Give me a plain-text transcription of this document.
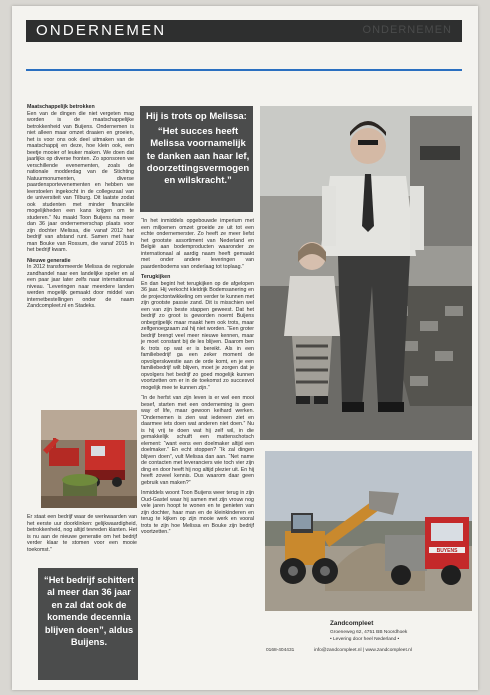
ONDERNEMEN	ONDERNEMEN
Maatschappelijk betrokken

Een van de dingen die niet vergeten mag worden is de maatschappelijke betrokkenheid van Buijens. Ondernemen is niet alleen maar omzet draaien en groeien, het is voor ons ook deel uitmaken van de maatschappij en deze, hoe klein ook, een beetje mooier of leuker maken. We doen dat jaarlijks op diverse fronten. Zo sponsoren we verschillende evenementen, zoals de nationale modderdag van de Stichting Natuurmonumenten, diverse paardensportevenementen en hebben we leerstoelen ingekocht in de collegezaal van de universiteit van Tilburg. Dit laatste zodat ook studenten met minder financiële mogelijkheden een kans krijgen om te studeren.” Nu maakt Toon Buijens na meer dan 36 jaar ondernemerschap plaats voor zijn dochter Melissa, die vanaf 2012 het bedrijf van afstand runt. Samen met haar man Bouke van Rossum, die vanaf 2015 in het bedrijf kwam.

Nieuwe generatie

In 2012 transformeerde Melissa de regionale zandhandel naar een landelijke speler en al een paar jaar later zelfs naar internationaal niveau. “Leveringen naar meerdere landen werden mogelijk gemaakt door middel van internetbestellingen onder de naam Zandcompleet.nl en Stadeks.

Er staat een bedrijf waar de werkwaarden van het eerste uur doorklinken: gelijkwaardigheid, betrokkenheid, nog altijd tevreden klanten. Het is nu aan de nieuwe generatie om het bedrijf verder klaar te stomen voor een mooie toekomst.”

“Het bedrijf schittert al meer dan 36 jaar en zal dat ook de komende decennia blijven doen”, aldus Buijens.
Hij is trots op Melissa:
“Het succes heeft Melissa voornamelijk te danken aan haar lef, doorzettingsvermogen en wilskracht.”

“In het inmiddels opgebouwde imperium met een miljoenen omzet groeide ze uit tot een echte ondernemerster. Zo heeft ze meer liefst het grootste assortiment van Nederland en België aan bodemproducten waaronder ze internationaal al aardig naam heeft gemaakt met onder andere leveringen van paardenbodems van onderlaag tot toplaag.”

Terugkijken

En dan begint het terugkijken op de afgelopen 36 jaar. Hij verkocht kleidrijk Bodemsanering en de projectontwikkeling om verder te kunnen met zijn grootste passie zand. Dit is misschien wel een van zijn beste stappen geweest. Dat het bedrijf zo groot is geworden noemt Buijens onbegrijpelijk maar maakt hem ook trots, maar zelfgenoegzaam zal hij niet worden. “Een groter bedrijf brengt veel meer nieuwe kennen, maar je moet constant bij de les blijven. Daarom ben ik trots op wat er is bereikt. Als in een familiebedrijf ga een zeker moment de opvolgerskwestie aan de orde komt, en je een familiebedrijf wilt blijven, moet je zorgen dat je opvolgers het bedrijf zo goed mogelijk kunnen voortzetten om er in de toekomst zo succesvol mogelijk mee te kunnen zijn.”

“In de herfst van zijn leven is er wel een mooi besef, starten met een onderneming is geen way of life, maar gewoon keihard werken. “Ondernemen is zien wat iedereen ziet en daarmee iets doen wat anderen niet doen.” Nu is hij vrij te doen wat hij zelf wil, in die gemakkelijk schuift een mattenschotsch element: “want eens een doelmaker altijd een doelmaker.” En echt stoppen? “Ik zal dingen blijven doen”, vult Melissa dan aan. “Net name de contacten met leveranciers wie toch vier zijn ding en door heeft hij nog altijd plezier uit. En hij heeft zoveel kennis. Dus waarom daar geen gebruik van maken?”

Inmiddels woont Toon Buijens weer terug in zijn Oud-Gastel waar hij samen met zijn vrouw nog vele jaren hoopt te wonen en te genieten van zijn dochter, haar man en de kleinkinderen en terug te kijken op zijn mooie werk en vooral trots te zijn hoe Melissa en Bouke zijn bedrijf voortzetten.”

BUYENS
Zandcompleet
Groeneweg 62, 4751 BB Noordhoek
• Levering door heel Nederland •
0168-404431	info@zandcompleet.nl | www.zandcompleet.nl
